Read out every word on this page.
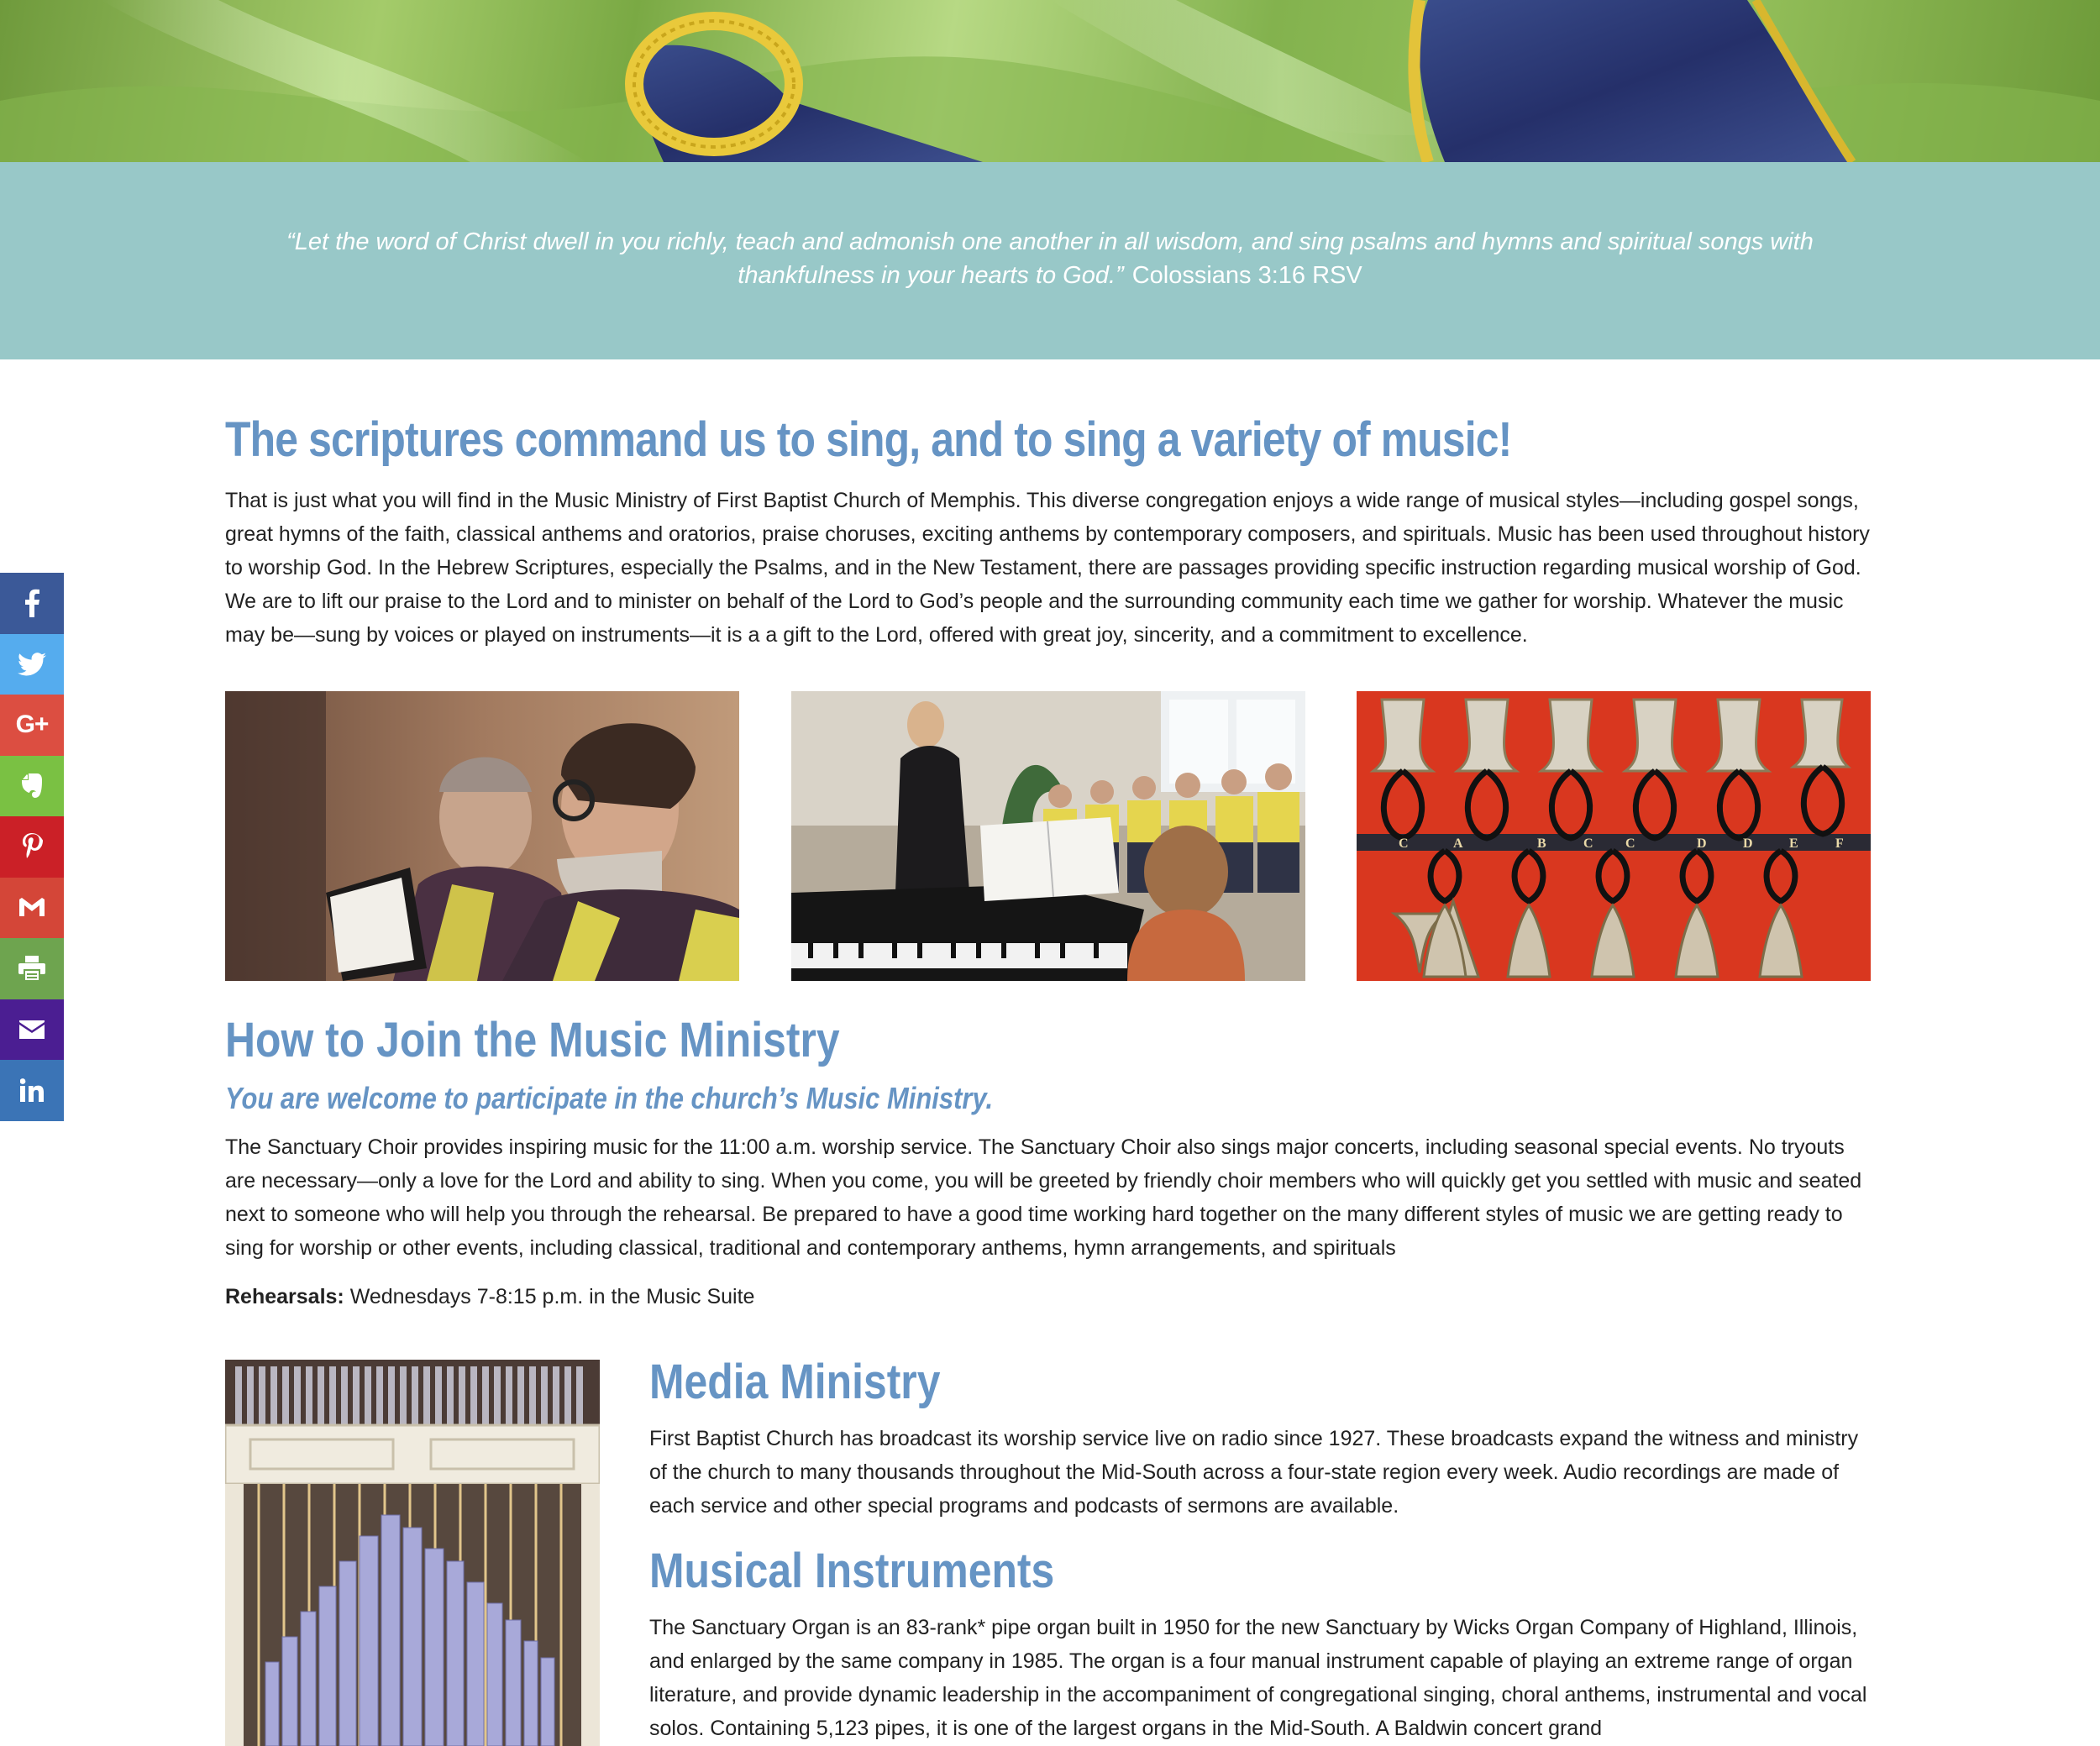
“Let the word of Christ dwell in you richly, teach and admonish one another in all wisdom, and sing psalms and hymns and spiritual songs with thankfulness in your hearts to God.” Colossians 3:16 RSV
G+
The scriptures command us to sing, and to sing a variety of music!

That is just what you will find in the Music Ministry of First Baptist Church of Memphis. This diverse congregation enjoys a wide range of musical styles—including gospel songs, great hymns of the faith, classical anthems and oratorios, praise choruses, exciting anthems by contemporary composers, and spirituals. Music has been used throughout history to worship God. In the Hebrew Scriptures, especially the Psalms, and in the New Testament, there are passages providing specific instruction regarding musical worship of God. We are to lift our praise to the Lord and to minister on behalf of the Lord to God’s people and the surrounding community each time we gather for worship. Whatever the music may be—sung by voices or played on instruments—it is a a gift to the Lord, offered with great joy, sincerity, and a commitment to excellence.

C	A	B	C C	D	D	E	F
How to Join the Music Ministry
You are welcome to participate in the church’s Music Ministry.

The Sanctuary Choir provides inspiring music for the 11:00 a.m. worship service. The Sanctuary Choir also sings major concerts, including seasonal special events. No tryouts are necessary—only a love for the Lord and ability to sing. When you come, you will be greeted by friendly choir members who will quickly get you settled with music and seated next to someone who will help you through the rehearsal. Be prepared to have a good time working hard together on the many different styles of music we are getting ready to sing for worship or other events, including classical, traditional and contemporary anthems, hymn arrangements, and spirituals

Rehearsals: Wednesdays 7-8:15 p.m. in the Music Suite
Media Ministry

First Baptist Church has broadcast its worship service live on radio since 1927. These broadcasts expand the witness and ministry of the church to many thousands throughout the Mid-South across a four-state region every week. Audio recordings are made of each service and other special programs and podcasts of sermons are available.

Musical Instruments

The Sanctuary Organ is an 83-rank* pipe organ built in 1950 for the new Sanctuary by Wicks Organ Company of Highland, Illinois, and enlarged by the same company in 1985. The organ is a four manual instrument capable of playing an extreme range of organ literature, and provide dynamic leadership in the accompaniment of congregational singing, choral anthems, instrumental and vocal solos. Containing 5,123 pipes, it is one of the largest organs in the Mid-South. A Baldwin concert grand
